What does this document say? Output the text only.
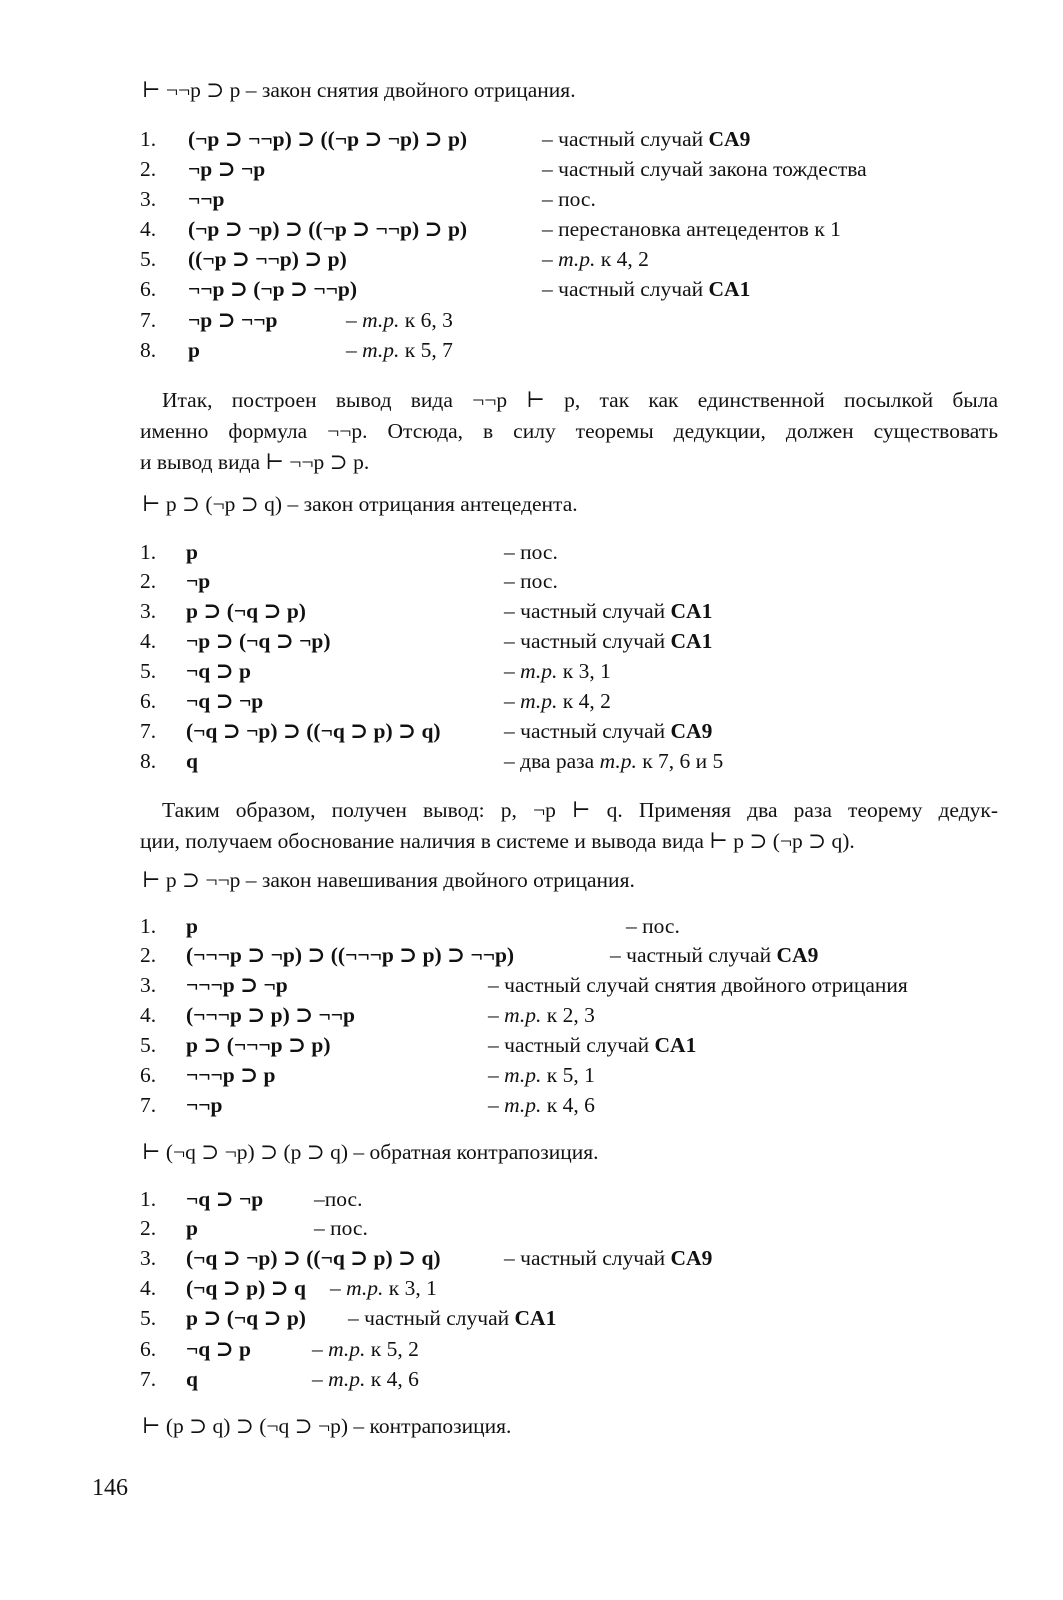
⊢ ¬¬p ⊃ p – закон снятия двойного отрицания.
1. (¬p ⊃ ¬¬p) ⊃ ((¬p ⊃ ¬p) ⊃ p)	– частный случай CA9
2. ¬p ⊃ ¬p	– частный случай закона тождества
3. ¬¬p	– пос.
4. (¬p ⊃ ¬p) ⊃ ((¬p ⊃ ¬¬p) ⊃ p)	– перестановка антецедентов к 1
5. ((¬p ⊃ ¬¬p) ⊃ p)	– т.р. к 4, 2
6. ¬¬p ⊃ (¬p ⊃ ¬¬p)	– частный случай CA1
7. ¬p ⊃ ¬¬p	– т.р. к 6, 3
8. p	– т.р. к 5, 7
Итак, построен вывод вида ¬¬p ⊢ p, так как единственной посылкой была
именно формула ¬¬p. Отсюда, в силу теоремы дедукции, должен существовать
и вывод вида ⊢ ¬¬p ⊃ p.
⊢ p ⊃ (¬p ⊃ q) – закон отрицания антецедента.
1. p	– пос.
2. ¬p	– пос.
3. p ⊃ (¬q ⊃ p)	– частный случай CA1
4. ¬p ⊃ (¬q ⊃ ¬p)	– частный случай CA1
5. ¬q ⊃ p	– т.р. к 3, 1
6. ¬q ⊃ ¬p	– т.р. к 4, 2
7. (¬q ⊃ ¬p) ⊃ ((¬q ⊃ p) ⊃ q)	– частный случай CA9
8. q	– два раза т.р. к 7, 6 и 5
Таким образом, получен вывод: p, ¬p ⊢ q. Применяя два раза теорему дедук-
ции, получаем обоснование наличия в системе и вывода вида ⊢ p ⊃ (¬p ⊃ q).
⊢ p ⊃ ¬¬p – закон навешивания двойного отрицания.
1. p	– пос.
2. (¬¬¬p ⊃ ¬p) ⊃ ((¬¬¬p ⊃ p) ⊃ ¬¬p)	– частный случай CA9
3. ¬¬¬p ⊃ ¬p	– частный случай снятия двойного отрицания
4. (¬¬¬p ⊃ p) ⊃ ¬¬p	– т.р. к 2, 3
5. p ⊃ (¬¬¬p ⊃ p)	– частный случай CA1
6. ¬¬¬p ⊃ p	– т.р. к 5, 1
7. ¬¬p	– т.р. к 4, 6
⊢ (¬q ⊃ ¬p) ⊃ (p ⊃ q) – обратная контрапозиция.
1. ¬q ⊃ ¬p –пос.
2. p	– пос.
3. (¬q ⊃ ¬p) ⊃ ((¬q ⊃ p) ⊃ q)	– частный случай CA9
4. (¬q ⊃ p) ⊃ q – т.р. к 3, 1
5. p ⊃ (¬q ⊃ p) – частный случай CA1
6. ¬q ⊃ p	– т.р. к 5, 2
7. q	– т.р. к 4, 6
⊢ (p ⊃ q) ⊃ (¬q ⊃ ¬p) – контрапозиция.
146
